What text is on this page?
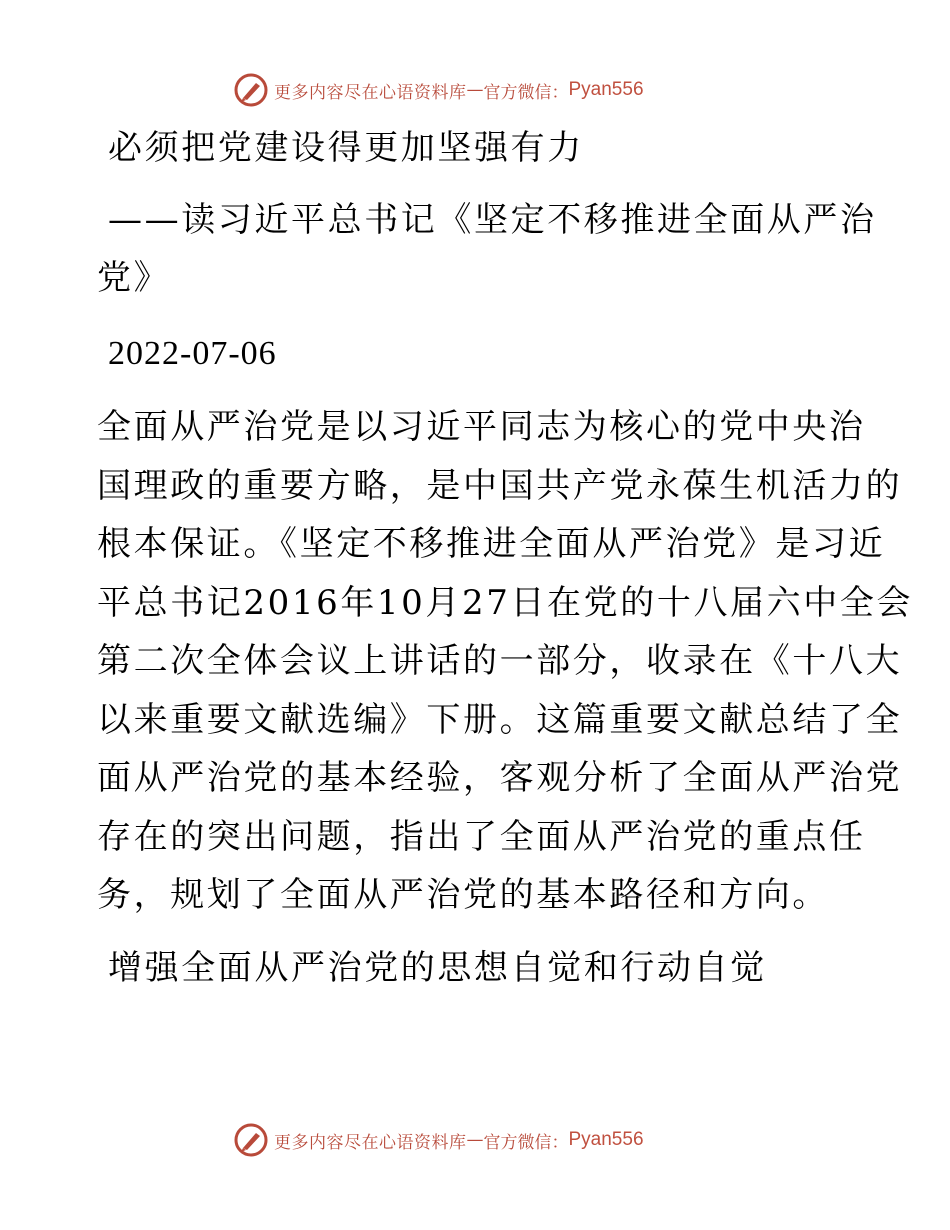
更多内容尽在心语资料库 — 官方微信： Pyan556
必须把党建设得更加坚强有力
——读习近平总书记《坚定不移推进全面从严治
党》
2022-07-06
全面从严治党是以习近平同志为核心的党中央治
国理政的重要方略，是中国共产党永葆生机活力的
根本保证。《坚定不移推进全面从严治党》是习近
平总书记2016年10月27日在党的十八届六中全会
第二次全体会议上讲话的一部分，收录在《十八大
以来重要文献选编》下册。这篇重要文献总结了全
面从严治党的基本经验，客观分析了全面从严治党
存在的突出问题，指出了全面从严治党的重点任
务，规划了全面从严治党的基本路径和方向。
增强全面从严治党的思想自觉和行动自觉
更多内容尽在心语资料库 — 官方微信： Pyan556
